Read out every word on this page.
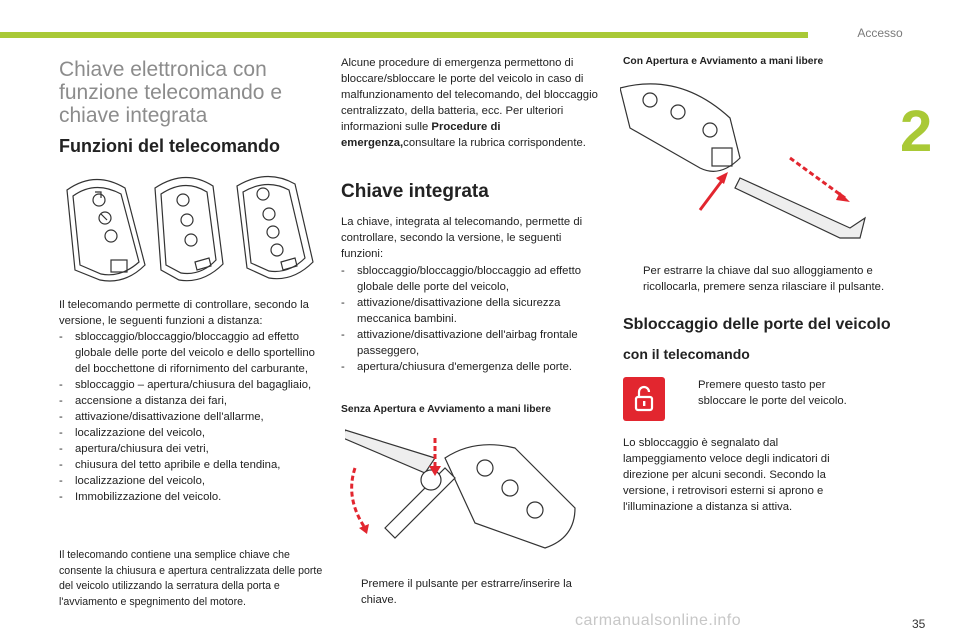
Accesso
2
Chiave elettronica con funzione telecomando e chiave integrata
Funzioni del telecomando
Il telecomando permette di controllare, secondo la versione, le seguenti funzioni a distanza:
- sbloccaggio/bloccaggio/bloccaggio ad effetto globale delle porte del veicolo e dello sportellino del bocchettone di rifornimento del carburante,
- sbloccaggio – apertura/chiusura del bagagliaio,
- accensione a distanza dei fari,
- attivazione/disattivazione dell'allarme,
- localizzazione del veicolo,
- apertura/chiusura dei vetri,
- chiusura del tetto apribile e della tendina,
- localizzazione del veicolo,
- Immobilizzazione del veicolo.
Il telecomando contiene una semplice chiave che consente la chiusura e apertura centralizzata delle porte del veicolo utilizzando la serratura della porta e l'avviamento e spegnimento del motore.
Alcune procedure di emergenza permettono di bloccare/sbloccare le porte del veicolo in caso di malfunzionamento del telecomando, del bloccaggio centralizzato, della batteria, ecc. Per ulteriori informazioni sulle Procedure di emergenza,consultare la rubrica corrispondente.
Chiave integrata
La chiave, integrata al telecomando, permette di controllare, secondo la versione, le seguenti funzioni:
- sbloccaggio/bloccaggio/bloccaggio ad effetto globale delle porte del veicolo,
- attivazione/disattivazione della sicurezza meccanica bambini.
- attivazione/disattivazione dell'airbag frontale passeggero,
- apertura/chiusura d'emergenza delle porte.
Senza Apertura e Avviamento a mani libere
Premere il pulsante per estrarre/inserire la chiave.
Con Apertura e Avviamento a mani libere
Per estrarre la chiave dal suo alloggiamento e ricollocarla, premere senza rilasciare il pulsante.
Sbloccaggio delle porte del veicolo
con il telecomando
Premere questo tasto per sbloccare le porte del veicolo.
Lo sbloccaggio è segnalato dal lampeggiamento veloce degli indicatori di direzione per alcuni secondi. Secondo la versione, i retrovisori esterni si aprono e l'illuminazione a distanza si attiva.
carmanualsonline.info	35
